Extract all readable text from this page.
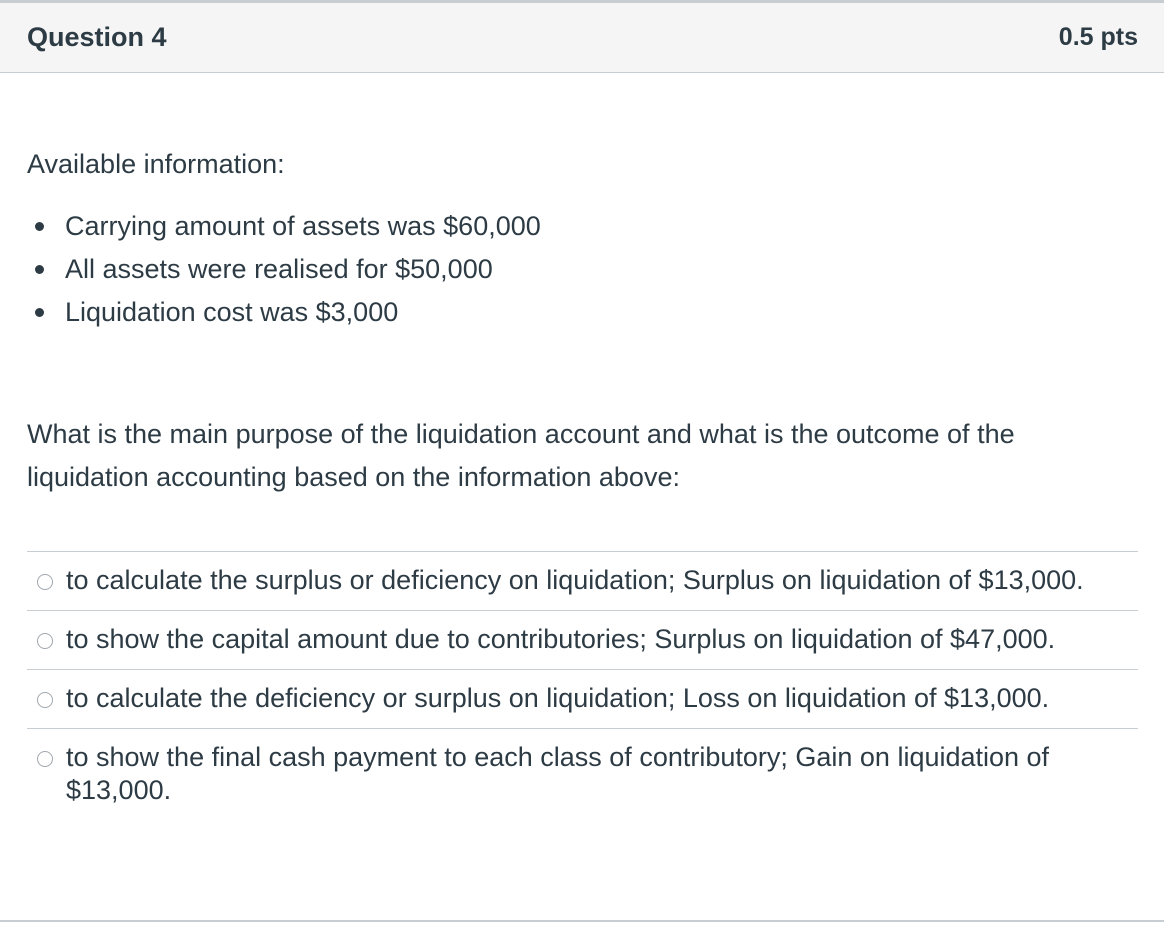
Question 4	0.5 pts

Available information:

Carrying amount of assets was $60,000
All assets were realised for $50,000
Liquidation cost was $3,000

What is the main purpose of the liquidation account and what is the outcome of the liquidation accounting based on the information above:

to calculate the surplus or deficiency on liquidation; Surplus on liquidation of $13,000.
to show the capital amount due to contributories; Surplus on liquidation of $47,000.
to calculate the deficiency or surplus on liquidation; Loss on liquidation of $13,000.
to show the final cash payment to each class of contributory; Gain on liquidation of $13,000.
